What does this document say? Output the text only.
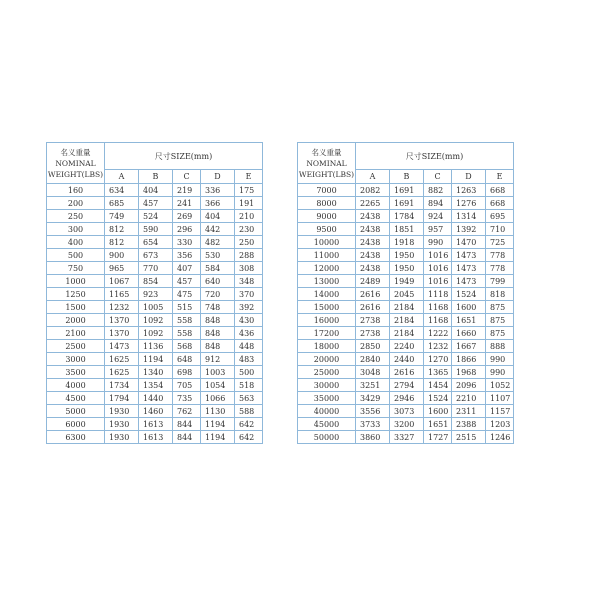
名义重量
NOMINAL
WEIGHT(LBS)	尺寸SIZE(mm)				
	A	B	C	D	E
160	634	404	219	336	175
200	685	457	241	366	191
250	749	524	269	404	210
300	812	590	296	442	230
400	812	654	330	482	250
500	900	673	356	530	288
750	965	770	407	584	308
1000	1067	854	457	640	348
1250	1165	923	475	720	370
1500	1232	1005	515	748	392
2000	1370	1092	558	848	430
2100	1370	1092	558	848	436
2500	1473	1136	568	848	448
3000	1625	1194	648	912	483
3500	1625	1340	698	1003	500
4000	1734	1354	705	1054	518
4500	1794	1440	735	1066	563
5000	1930	1460	762	1130	588
6000	1930	1613	844	1194	642
6300	1930	1613	844	1194	642
名义重量
NOMINAL
WEIGHT(LBS)	尺寸SIZE(mm)				
	A	B	C	D	E
7000	2082	1691	882	1263	668
8000	2265	1691	894	1276	668
9000	2438	1784	924	1314	695
9500	2438	1851	957	1392	710
10000	2438	1918	990	1470	725
11000	2438	1950	1016	1473	778
12000	2438	1950	1016	1473	778
13000	2489	1949	1016	1473	799
14000	2616	2045	1118	1524	818
15000	2616	2184	1168	1600	875
16000	2738	2184	1168	1651	875
17200	2738	2184	1222	1660	875
18000	2850	2240	1232	1667	888
20000	2840	2440	1270	1866	990
25000	3048	2616	1365	1968	990
30000	3251	2794	1454	2096	1052
35000	3429	2946	1524	2210	1107
40000	3556	3073	1600	2311	1157
45000	3733	3200	1651	2388	1203
50000	3860	3327	1727	2515	1246
